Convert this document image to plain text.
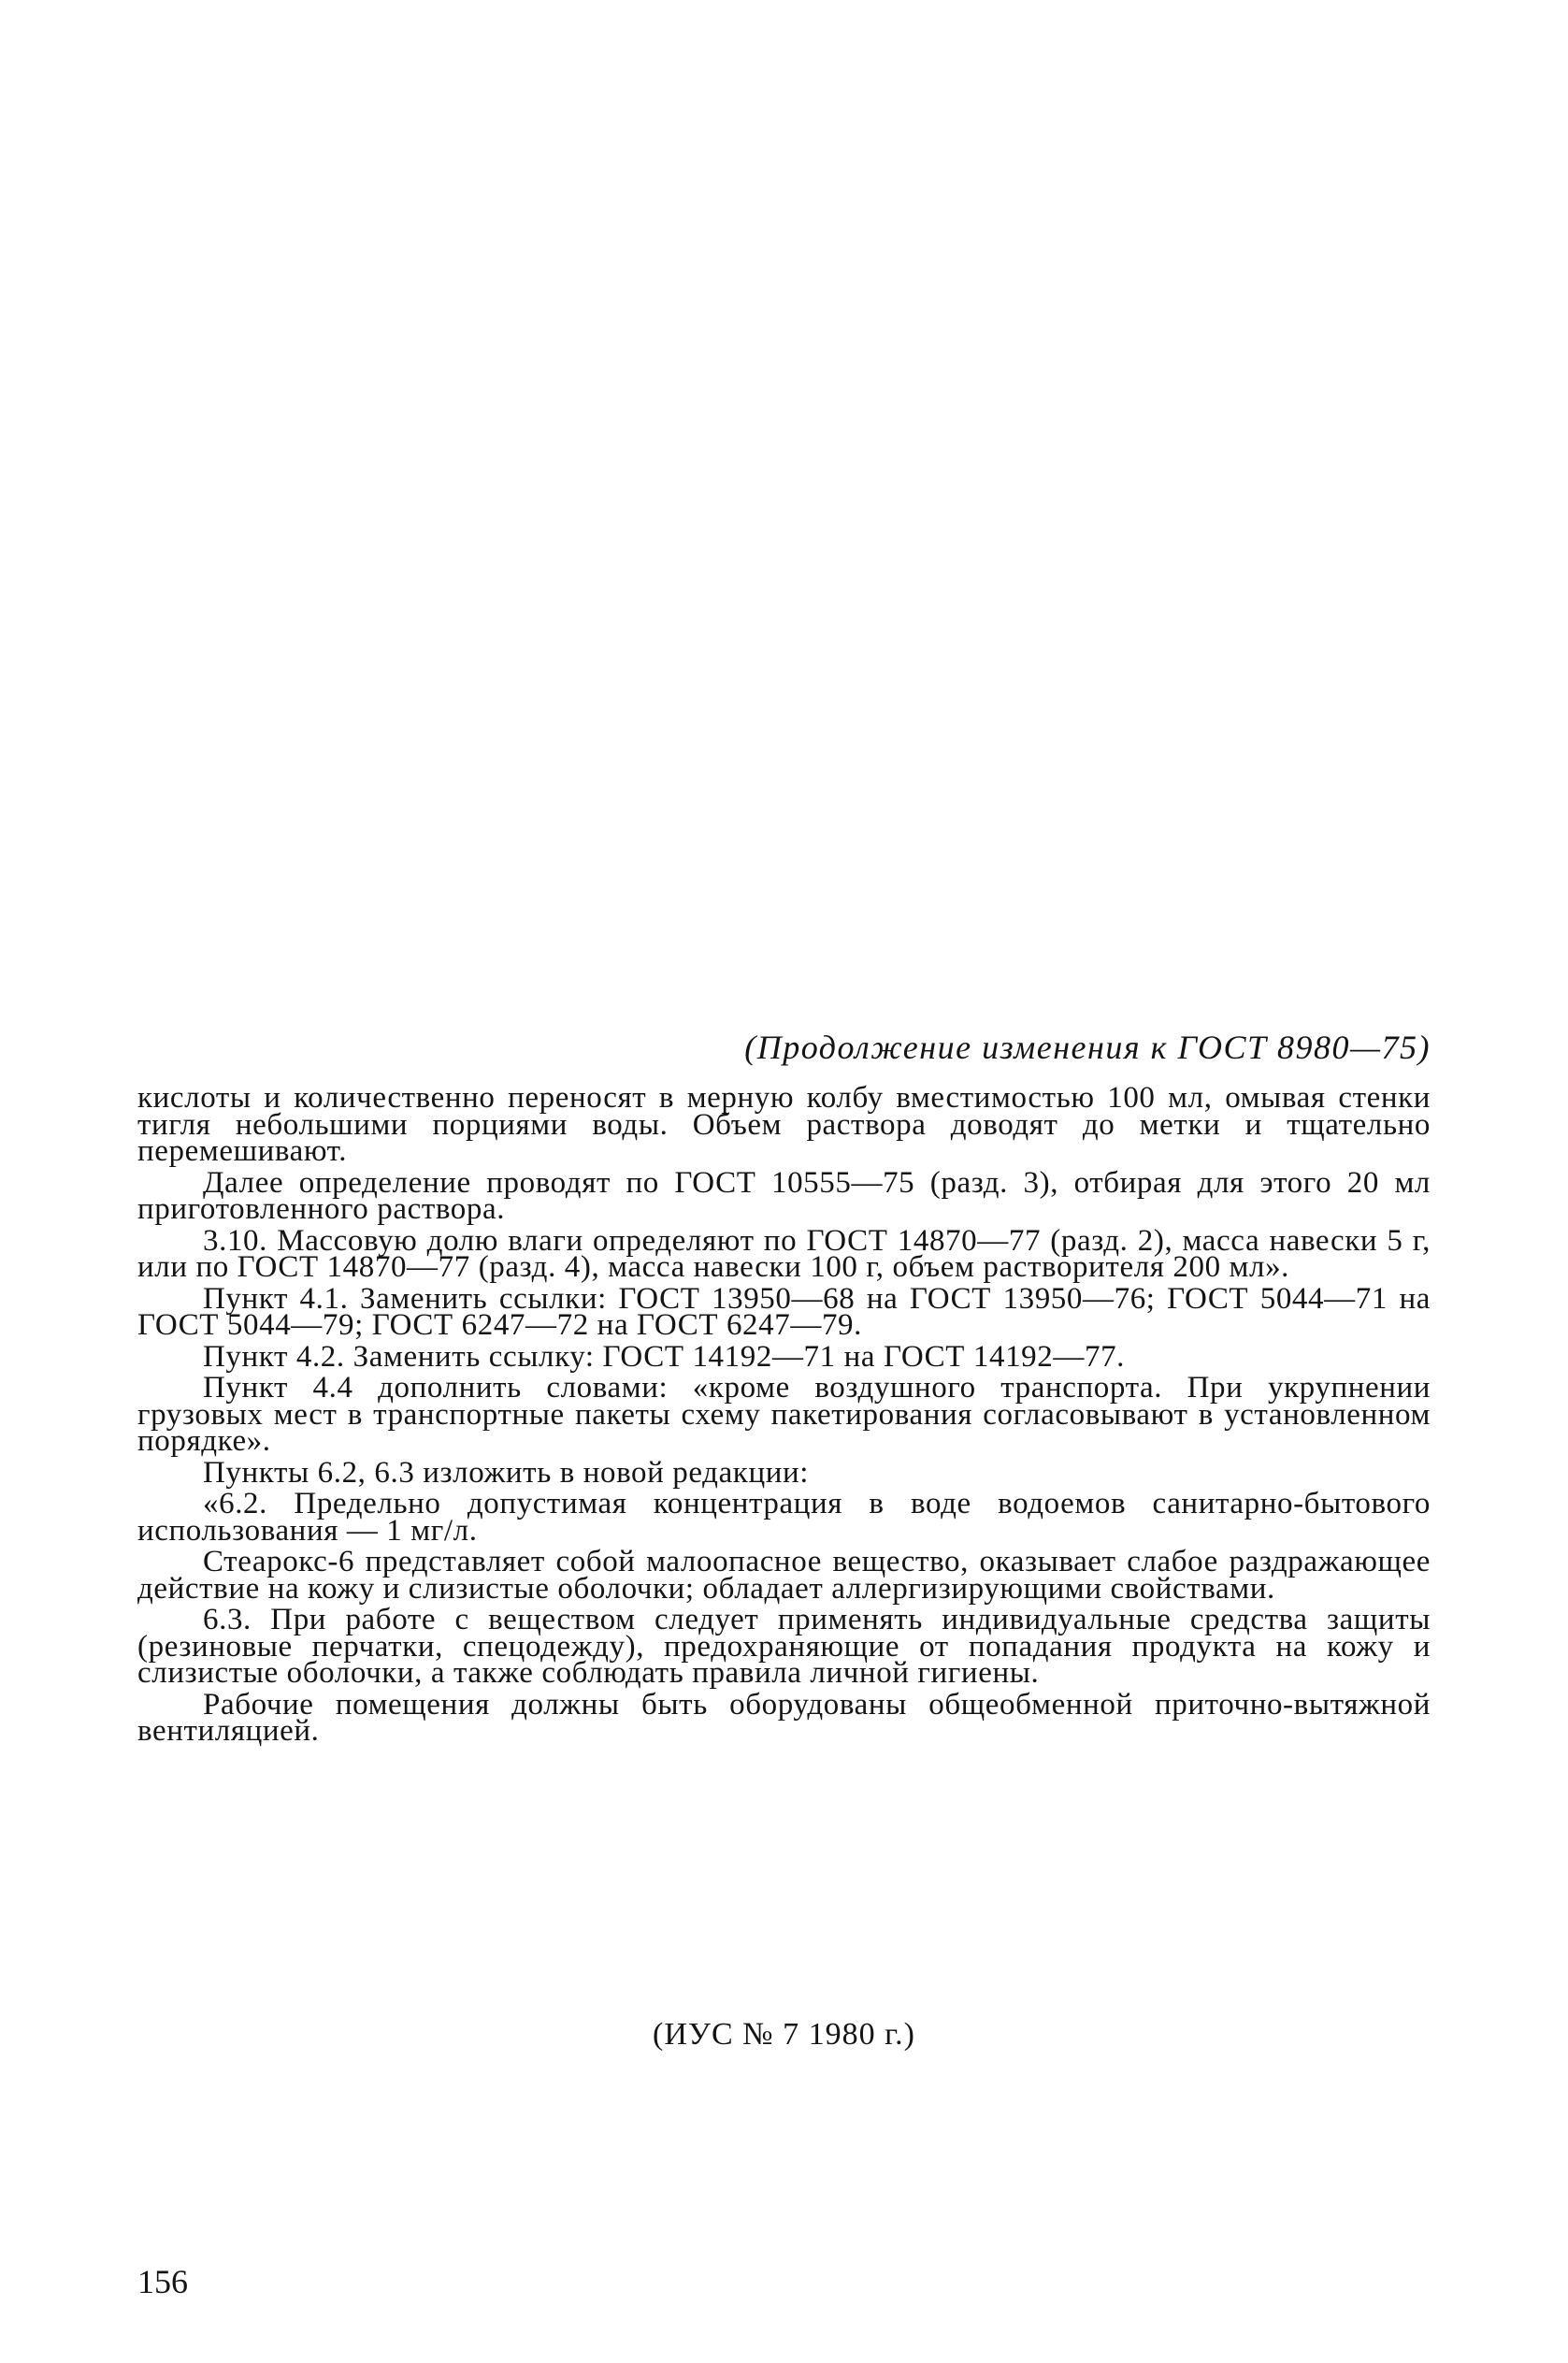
(Продолжение изменения к ГОСТ 8980—75)

кислоты и количественно переносят в мерную колбу вместимостью 100 мл, омывая стенки тигля небольшими порциями воды. Объем раствора доводят до метки и тщательно перемешивают.

Далее определение проводят по ГОСТ 10555—75 (разд. 3), отбирая для этого 20 мл приготовленного раствора.

3.10. Массовую долю влаги определяют по ГОСТ 14870—77 (разд. 2), масса навески 5 г, или по ГОСТ 14870—77 (разд. 4), масса навески 100 г, объем растворителя 200 мл».

Пункт 4.1. Заменить ссылки: ГОСТ 13950—68 на ГОСТ 13950—76; ГОСТ 5044—71 на ГОСТ 5044—79; ГОСТ 6247—72 на ГОСТ 6247—79.

Пункт 4.2. Заменить ссылку: ГОСТ 14192—71 на ГОСТ 14192—77.

Пункт 4.4 дополнить словами: «кроме воздушного транспорта. При укрупнении грузовых мест в транспортные пакеты схему пакетирования согласовывают в установленном порядке».

Пункты 6.2, 6.3 изложить в новой редакции:

«6.2. Предельно допустимая концентрация в воде водоемов санитарно-бытового использования — 1 мг/л.

Стеарокс-6 представляет собой малоопасное вещество, оказывает слабое раздражающее действие на кожу и слизистые оболочки; обладает аллергизирующими свойствами.

6.3. При работе с веществом следует применять индивидуальные средства защиты (резиновые перчатки, спецодежду), предохраняющие от попадания продукта на кожу и слизистые оболочки, а также соблюдать правила личной гигиены.

Рабочие помещения должны быть оборудованы общеобменной приточно-вытяжной вентиляцией.

(ИУС № 7 1980 г.)
156
